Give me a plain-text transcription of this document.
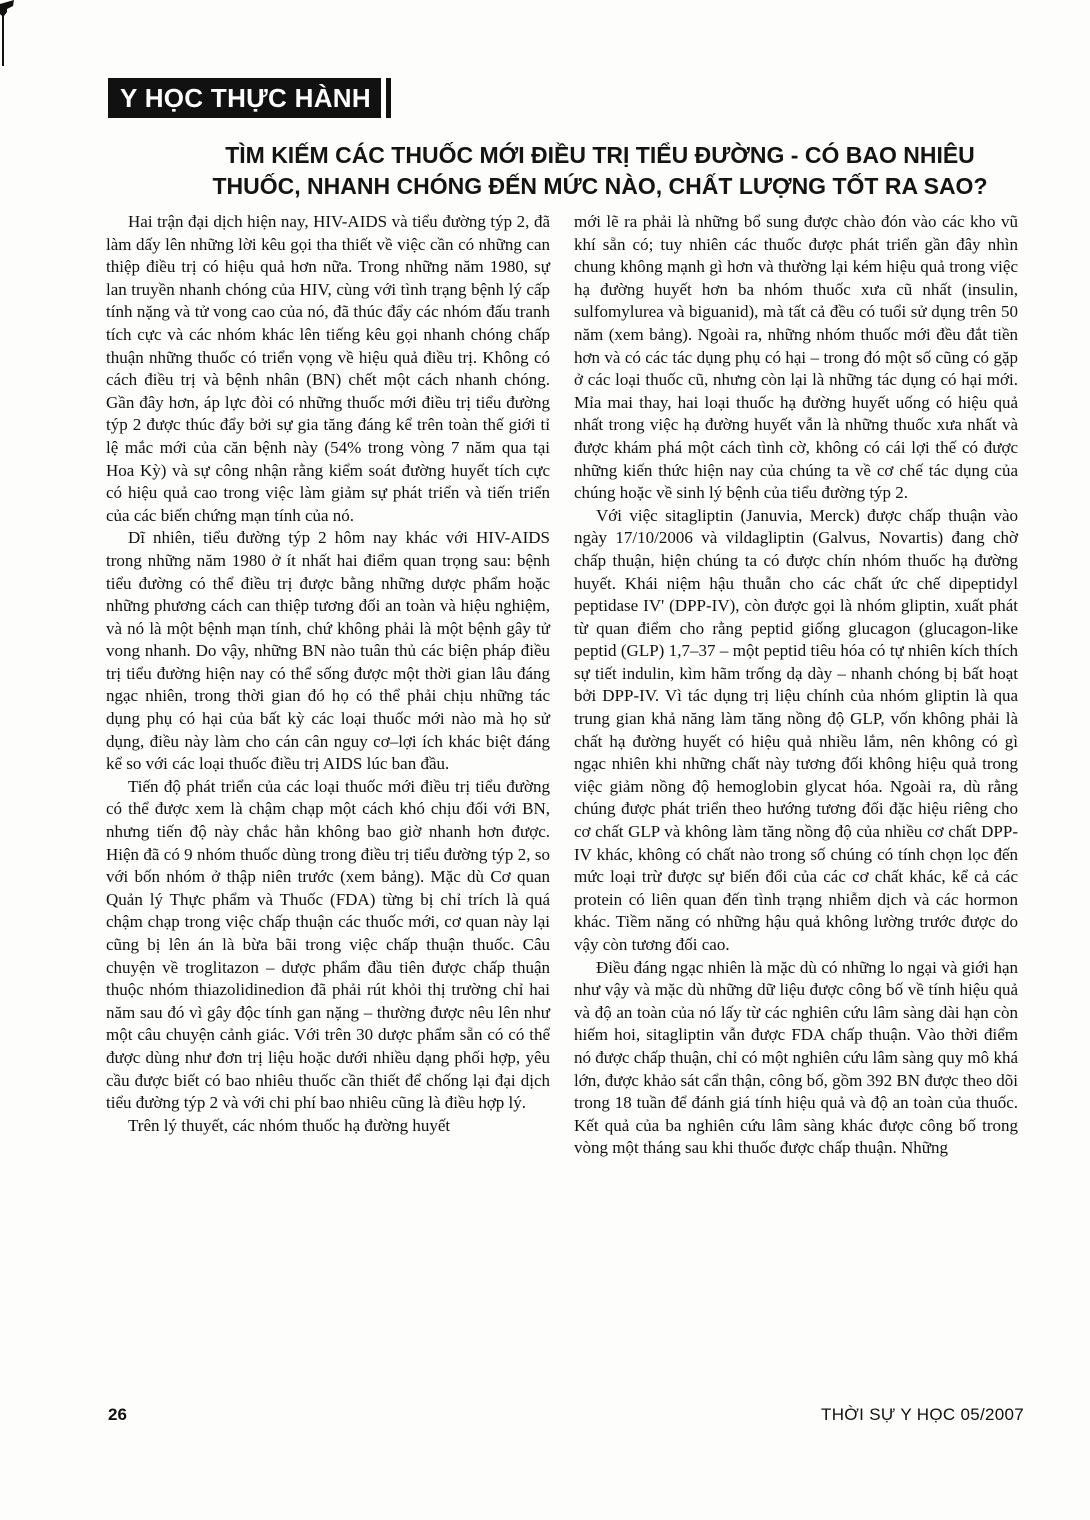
Y HỌC THỰC HÀNH
TÌM KIẾM CÁC THUỐC MỚI ĐIỀU TRỊ TIỂU ĐƯỜNG - CÓ BAO NHIÊU
THUỐC, NHANH CHÓNG ĐẾN MỨC NÀO, CHẤT LƯỢNG TỐT RA SAO?

Hai trận đại dịch hiện nay, HIV-AIDS và tiểu đường týp 2, đã làm dấy lên những lời kêu gọi tha thiết về việc cần có những can thiệp điều trị có hiệu quả hơn nữa. Trong những năm 1980, sự lan truyền nhanh chóng của HIV, cùng với tình trạng bệnh lý cấp tính nặng và tử vong cao của nó, đã thúc đẩy các nhóm đấu tranh tích cực và các nhóm khác lên tiếng kêu gọi nhanh chóng chấp thuận những thuốc có triển vọng về hiệu quả điều trị. Không có cách điều trị và bệnh nhân (BN) chết một cách nhanh chóng. Gần đây hơn, áp lực đòi có những thuốc mới điều trị tiểu đường týp 2 được thúc đẩy bởi sự gia tăng đáng kể trên toàn thế giới tỉ lệ mắc mới của căn bệnh này (54% trong vòng 7 năm qua tại Hoa Kỳ) và sự công nhận rằng kiểm soát đường huyết tích cực có hiệu quả cao trong việc làm giảm sự phát triển và tiến triển của các biến chứng mạn tính của nó.

Dĩ nhiên, tiểu đường týp 2 hôm nay khác với HIV-AIDS trong những năm 1980 ở ít nhất hai điểm quan trọng sau: bệnh tiểu đường có thể điều trị được bằng những dược phẩm hoặc những phương cách can thiệp tương đối an toàn và hiệu nghiệm, và nó là một bệnh mạn tính, chứ không phải là một bệnh gây tử vong nhanh. Do vậy, những BN nào tuân thủ các biện pháp điều trị tiểu đường hiện nay có thể sống được một thời gian lâu đáng ngạc nhiên, trong thời gian đó họ có thể phải chịu những tác dụng phụ có hại của bất kỳ các loại thuốc mới nào mà họ sử dụng, điều này làm cho cán cân nguy cơ–lợi ích khác biệt đáng kể so với các loại thuốc điều trị AIDS lúc ban đầu.

Tiến độ phát triển của các loại thuốc mới điều trị tiểu đường có thể được xem là chậm chạp một cách khó chịu đối với BN, nhưng tiến độ này chắc hẳn không bao giờ nhanh hơn được. Hiện đã có 9 nhóm thuốc dùng trong điều trị tiểu đường týp 2, so với bốn nhóm ở thập niên trước (xem bảng). Mặc dù Cơ quan Quản lý Thực phẩm và Thuốc (FDA) từng bị chỉ trích là quá chậm chạp trong việc chấp thuận các thuốc mới, cơ quan này lại cũng bị lên án là bừa bãi trong việc chấp thuận thuốc. Câu chuyện về troglitazon – dược phẩm đầu tiên được chấp thuận thuộc nhóm thiazolidinedion đã phải rút khỏi thị trường chỉ hai năm sau đó vì gây độc tính gan nặng – thường được nêu lên như một câu chuyện cảnh giác. Với trên 30 dược phẩm sẵn có có thể được dùng như đơn trị liệu hoặc dưới nhiều dạng phối hợp, yêu cầu được biết có bao nhiêu thuốc cần thiết để chống lại đại dịch tiểu đường týp 2 và với chi phí bao nhiêu cũng là điều hợp lý.

Trên lý thuyết, các nhóm thuốc hạ đường huyết

mới lẽ ra phải là những bổ sung được chào đón vào các kho vũ khí sẵn có; tuy nhiên các thuốc được phát triển gần đây nhìn chung không mạnh gì hơn và thường lại kém hiệu quả trong việc hạ đường huyết hơn ba nhóm thuốc xưa cũ nhất (insulin, sulfomylurea và biguanid), mà tất cả đều có tuổi sử dụng trên 50 năm (xem bảng). Ngoài ra, những nhóm thuốc mới đều đắt tiền hơn và có các tác dụng phụ có hại – trong đó một số cũng có gặp ở các loại thuốc cũ, nhưng còn lại là những tác dụng có hại mới. Mỉa mai thay, hai loại thuốc hạ đường huyết uống có hiệu quả nhất trong việc hạ đường huyết vẫn là những thuốc xưa nhất và được khám phá một cách tình cờ, không có cái lợi thế có được những kiến thức hiện nay của chúng ta về cơ chế tác dụng của chúng hoặc về sinh lý bệnh của tiểu đường týp 2.

Với việc sitagliptin (Januvia, Merck) được chấp thuận vào ngày 17/10/2006 và vildagliptin (Galvus, Novartis) đang chờ chấp thuận, hiện chúng ta có được chín nhóm thuốc hạ đường huyết. Khái niệm hậu thuẫn cho các chất ức chế dipeptidyl peptidase IV' (DPP-IV), còn được gọi là nhóm gliptin, xuất phát từ quan điểm cho rằng peptid giống glucagon (glucagon-like peptid (GLP) 1,7–37 – một peptid tiêu hóa có tự nhiên kích thích sự tiết indulin, kìm hãm trống dạ dày – nhanh chóng bị bất hoạt bởi DPP-IV. Vì tác dụng trị liệu chính của nhóm gliptin là qua trung gian khả năng làm tăng nồng độ GLP, vốn không phải là chất hạ đường huyết có hiệu quả nhiều lắm, nên không có gì ngạc nhiên khi những chất này tương đối không hiệu quả trong việc giảm nồng độ hemoglobin glycat hóa. Ngoài ra, dù rằng chúng được phát triển theo hướng tương đối đặc hiệu riêng cho cơ chất GLP và không làm tăng nồng độ của nhiều cơ chất DPP-IV khác, không có chất nào trong số chúng có tính chọn lọc đến mức loại trừ được sự biến đổi của các cơ chất khác, kể cả các protein có liên quan đến tình trạng nhiễm dịch và các hormon khác. Tiềm năng có những hậu quả không lường trước được do vậy còn tương đối cao.

Điều đáng ngạc nhiên là mặc dù có những lo ngại và giới hạn như vậy và mặc dù những dữ liệu được công bố về tính hiệu quả và độ an toàn của nó lấy từ các nghiên cứu lâm sàng dài hạn còn hiếm hoi, sitagliptin vẫn được FDA chấp thuận. Vào thời điểm nó được chấp thuận, chỉ có một nghiên cứu lâm sàng quy mô khá lớn, được khảo sát cẩn thận, công bố, gồm 392 BN được theo dõi trong 18 tuần để đánh giá tính hiệu quả và độ an toàn của thuốc. Kết quả của ba nghiên cứu lâm sàng khác được công bố trong vòng một tháng sau khi thuốc được chấp thuận. Những

26	THỜI SỰ Y HỌC 05/2007
